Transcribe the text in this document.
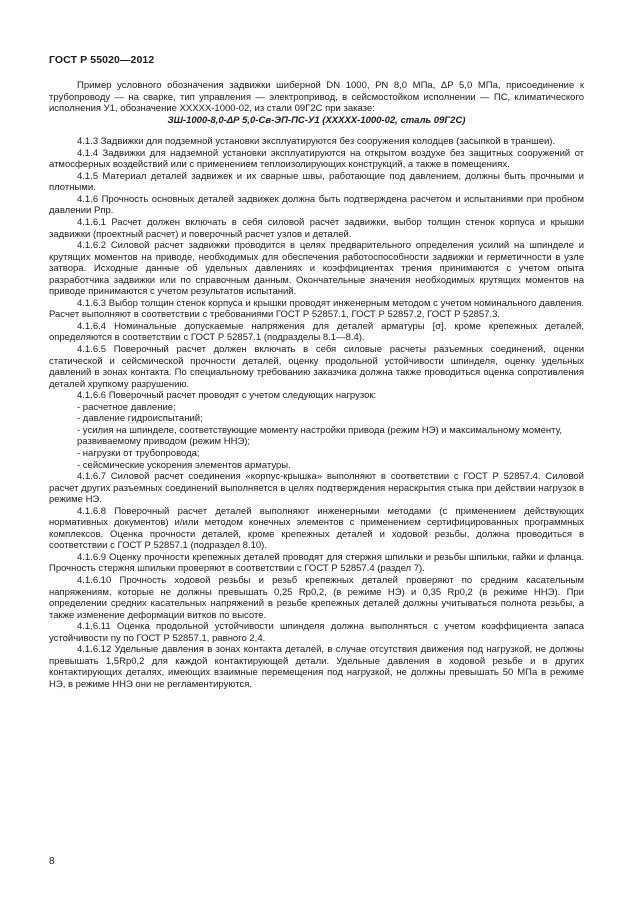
ГОСТ Р 55020—2012

Пример условного обозначения задвижки шиберной DN 1000, PN 8,0 МПа, ΔP 5,0 МПа, присоединение к трубопроводу — на сварке, тип управления — электропривод, в сейсмостойком исполнении — ПС, климатического исполнения У1, обозначение ХХХХХ-1000-02, из стали 09Г2С при заказе:

ЗШ-1000-8,0-ΔР 5,0-Св-ЭП-ПС-У1 (ХХХХХ-1000-02, сталь 09Г2С)

4.1.3 Задвижки для подземной установки эксплуатируются без сооружения колодцев (засыпкой в траншеи).

4.1.4 Задвижки для надземной установки эксплуатируются на открытом воздухе без защитных сооружений от атмосферных воздействий или с применением теплоизолирующих конструкций, а также в помещениях.

4.1.5 Материал деталей задвижек и их сварные швы, работающие под давлением, должны быть прочными и плотными.

4.1.6 Прочность основных деталей задвижек должна быть подтверждена расчетом и испытаниями при пробном давлении Pпр.

4.1.6.1 Расчет должен включать в себя силовой расчет задвижки, выбор толщин стенок корпуса и крышки задвижки (проектный расчет) и поверочный расчет узлов и деталей.

4.1.6.2 Силовой расчет задвижки проводится в целях предварительного определения усилий на шпинделе и крутящих моментов на приводе, необходимых для обеспечения работоспособности задвижки и герметичности в узле затвора. Исходные данные об удельных давлениях и коэффициентах трения принимаются с учетом опыта разработчика задвижки или по справочным данным. Окончательные значения необходимых крутящих моментов на приводе принимаются с учетом результатов испытаний.

4.1.6.3 Выбор толщин стенок корпуса и крышки проводят инженерным методом с учетом номинального давления. Расчет выполняют в соответствии с требованиями ГОСТ Р 52857.1, ГОСТ Р 52857.2, ГОСТ Р 52857.3.

4.1.6.4 Номинальные допускаемые напряжения для деталей арматуры [σ], кроме крепежных деталей, определяются в соответствии с ГОСТ Р 52857.1 (подразделы 8.1—8.4).

4.1.6.5 Поверочный расчет должен включать в себя силовые расчеты разъемных соединений, оценки статической и сейсмической прочности деталей, оценку продольной устойчивости шпинделя, оценку удельных давлений в зонах контакта. По специальному требованию заказчика должна также проводиться оценка сопротивления деталей хрупкому разрушению.

4.1.6.6 Поверочный расчет проводят с учетом следующих нагрузок:

- расчетное давление;

- давление гидроиспытаний;

- усилия на шпинделе, соответствующие моменту настройки привода (режим НЭ) и максимальному моменту, развиваемому приводом (режим ННЭ);

- нагрузки от трубопровода;

- сейсмические ускорения элементов арматуры.

4.1.6.7 Силовой расчет соединения «корпус-крышка» выполняют в соответствии с ГОСТ Р 52857.4. Силовой расчет других разъемных соединений выполняется в целях подтверждения нераскрытия стыка при действии нагрузок в режиме НЭ.

4.1.6.8 Поверочный расчет деталей выполняют инженерными методами (с применением действующих нормативных документов) и/или методом конечных элементов с применением сертифицированных программных комплексов. Оценка прочности деталей, кроме крепежных деталей и ходовой резьбы, должна проводиться в соответствии с ГОСТ Р 52857.1 (подраздел 8.10).

4.1.6.9 Оценку прочности крепежных деталей проводят для стержня шпильки и резьбы шпильки, гайки и фланца. Прочность стержня шпильки проверяют в соответствии с ГОСТ Р 52857.4 (раздел 7).

4.1.6.10 Прочность ходовой резьбы и резьб крепежных деталей проверяют по средним касательным напряжениям, которые не должны превышать 0,25 Rp0,2, (в режиме НЭ) и 0,35 Rp0,2 (в режиме ННЭ). При определении средних касательных напряжений в резьбе крепежных деталей должны учитываться полнота резьбы, а также изменение деформации витков по высоте.

4.1.6.11 Оценка продольной устойчивости шпинделя должна выполняться с учетом коэффициента запаса устойчивости nу по ГОСТ Р 52857.1, равного 2,4.

4.1.6.12 Удельные давления в зонах контакта деталей, в случае отсутствия движения под нагрузкой, не должны превышать 1,5Rp0,2 для каждой контактирующей детали. Удельные давления в ходовой резьбе и в других контактирующих деталях, имеющих взаимные перемещения под нагрузкой, не должны превышать 50 МПа в режиме НЭ, в режиме ННЭ они не регламентируются.

8
